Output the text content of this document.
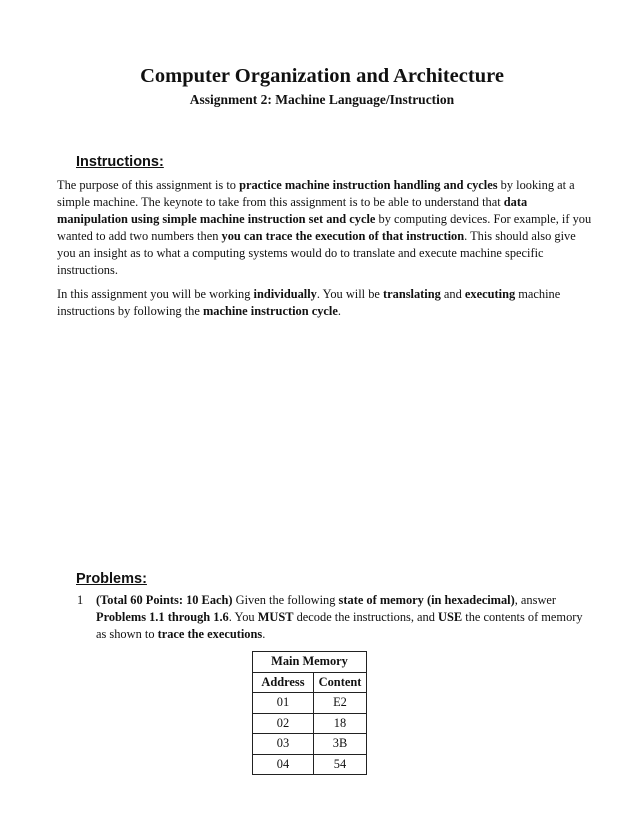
Computer Organization and Architecture
Assignment 2: Machine Language/Instruction
Instructions:

The purpose of this assignment is to practice machine instruction handling and cycles by looking at a simple machine. The keynote to take from this assignment is to be able to understand that data manipulation using simple machine instruction set and cycle by computing devices. For example, if you wanted to add two numbers then you can trace the execution of that instruction. This should also give you an insight as to what a computing systems would do to translate and execute machine specific instructions.

In this assignment you will be working individually. You will be translating and executing machine instructions by following the machine instruction cycle.

Problems:
1 (Total 60 Points: 10 Each) Given the following state of memory (in hexadecimal), answer Problems 1.1 through 1.6. You MUST decode the instructions, and USE the contents of memory as shown to trace the executions.
Main Memory	
Address	Content
01	E2
02	18
03	3B
04	54
